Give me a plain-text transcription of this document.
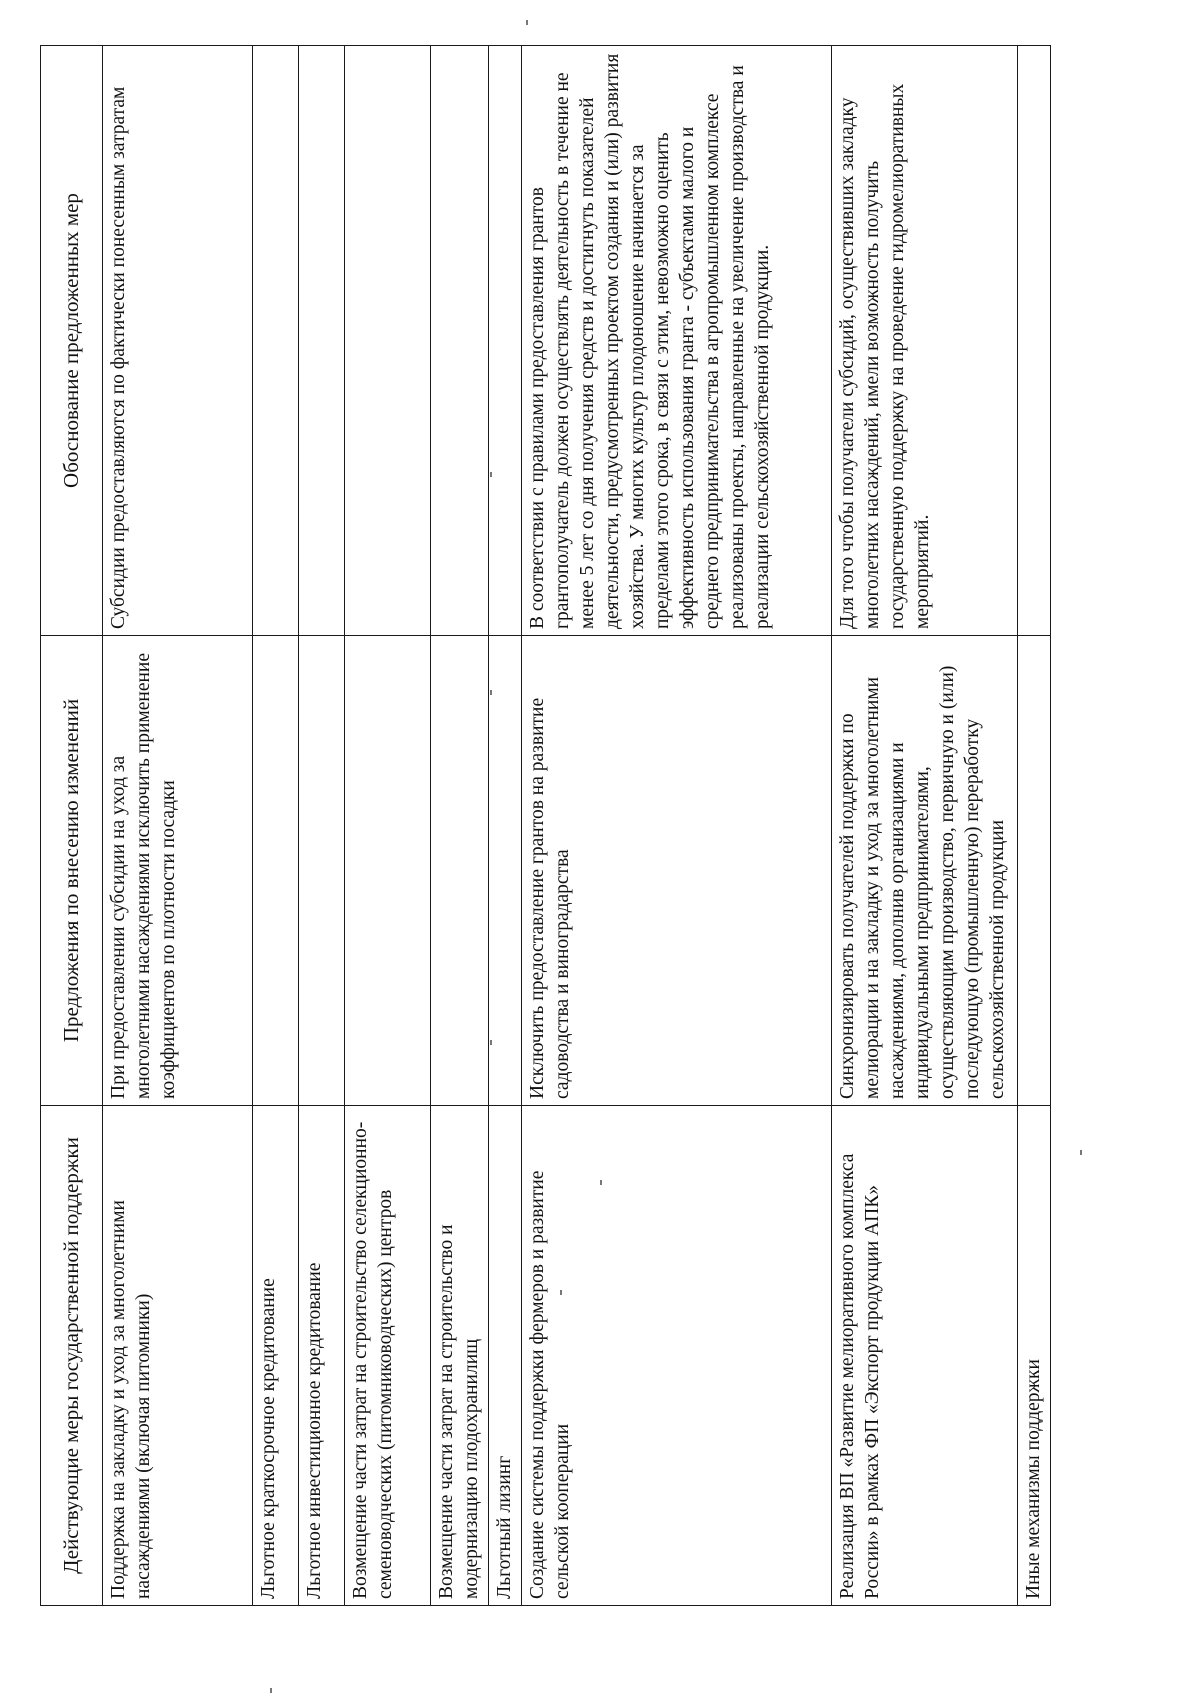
Действующие меры государственной поддержки	Предложения по внесению изменений	Обоснование предложенных мер
Поддержка на закладку и уход за многолетними насаждениями (включая питомники)	При предоставлении субсидии на уход за многолетними насаждениями исключить применение коэффициентов по плотности посадки	Субсидии предоставляются по фактически понесенным затратам
Льготное краткосрочное кредитование		
Льготное инвестиционное кредитование		
Возмещение части затрат на строительство селекционно-семеноводческих (питомниководческих) центров		
Возмещение части затрат на строительство и модернизацию плодохранилищ		
Льготный лизинг		
Создание системы поддержки фермеров и развитие сельской кооперации	Исключить предоставление грантов на развитие садоводства и виноградарства	В соответствии с правилами предоставления грантов грантополучатель должен осуществлять деятельность в течение не менее 5 лет со дня получения средств и достигнуть показателей деятельности, предусмотренных проектом создания и (или) развития хозяйства. У многих культур плодоношение начинается за пределами этого срока, в связи с этим, невозможно оценить эффективность использования гранта - субъектами малого и среднего предпринимательства в агропромышленном комплексе реализованы проекты, направленные на увеличение производства и реализации сельскохозяйственной продукции.
Реализация ВП «Развитие мелиоративного комплекса России» в рамках ФП «Экспорт продукции АПК»	Синхронизировать получателей поддержки по мелиорации и на закладку и уход за многолетними насаждениями, дополнив организациями и индивидуальными предпринимателями, осуществляющим производство, первичную и (или) последующую (промышленную) переработку сельскохозяйственной продукции	Для того чтобы получатели субсидий, осуществивших закладку многолетних насаждений, имели возможность получить государственную поддержку на проведение гидромелиоративных мероприятий.
Иные механизмы поддержки		
